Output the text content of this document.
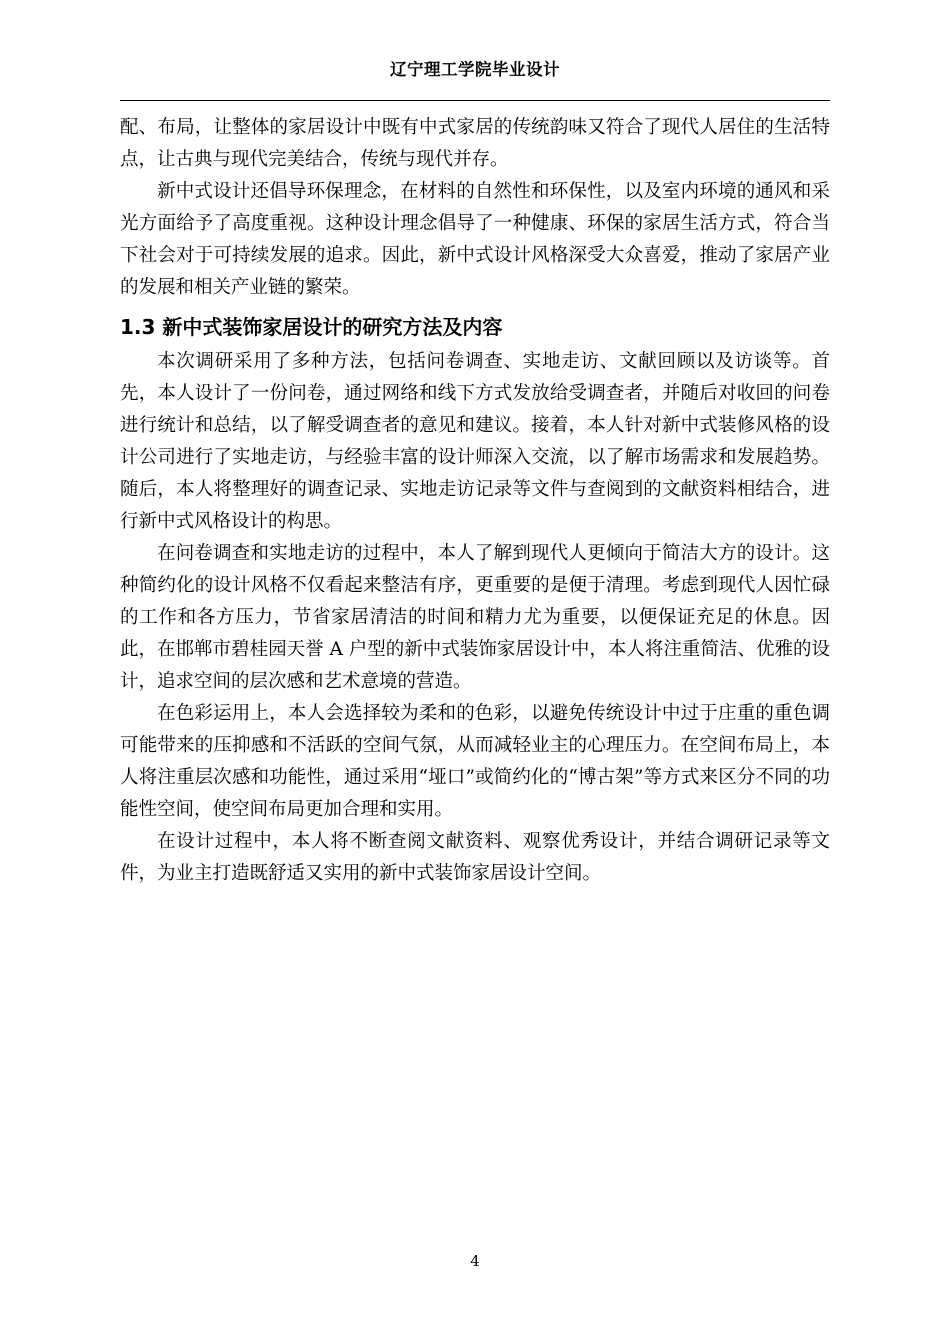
辽宁理工学院毕业设计

配、布局，让整体的家居设计中既有中式家居的传统韵味又符合了现代人居住的生活特点，让古典与现代完美结合，传统与现代并存。

新中式设计还倡导环保理念，在材料的自然性和环保性，以及室内环境的通风和采光方面给予了高度重视。这种设计理念倡导了一种健康、环保的家居生活方式，符合当下社会对于可持续发展的追求。因此，新中式设计风格深受大众喜爱，推动了家居产业的发展和相关产业链的繁荣。

1.3 新中式装饰家居设计的研究方法及内容

本次调研采用了多种方法，包括问卷调查、实地走访、文献回顾以及访谈等。首先，本人设计了一份问卷，通过网络和线下方式发放给受调查者，并随后对收回的问卷进行统计和总结，以了解受调查者的意见和建议。接着，本人针对新中式装修风格的设计公司进行了实地走访，与经验丰富的设计师深入交流，以了解市场需求和发展趋势。随后，本人将整理好的调查记录、实地走访记录等文件与查阅到的文献资料相结合，进行新中式风格设计的构思。

在问卷调查和实地走访的过程中，本人了解到现代人更倾向于简洁大方的设计。这种简约化的设计风格不仅看起来整洁有序，更重要的是便于清理。考虑到现代人因忙碌的工作和各方压力，节省家居清洁的时间和精力尤为重要，以便保证充足的休息。因此，在邯郸市碧桂园天誉 A 户型的新中式装饰家居设计中，本人将注重简洁、优雅的设计，追求空间的层次感和艺术意境的营造。

在色彩运用上，本人会选择较为柔和的色彩，以避免传统设计中过于庄重的重色调可能带来的压抑感和不活跃的空间气氛，从而减轻业主的心理压力。在空间布局上，本人将注重层次感和功能性，通过采用“垭口”或简约化的“博古架”等方式来区分不同的功能性空间，使空间布局更加合理和实用。

在设计过程中，本人将不断查阅文献资料、观察优秀设计，并结合调研记录等文件，为业主打造既舒适又实用的新中式装饰家居设计空间。

4
